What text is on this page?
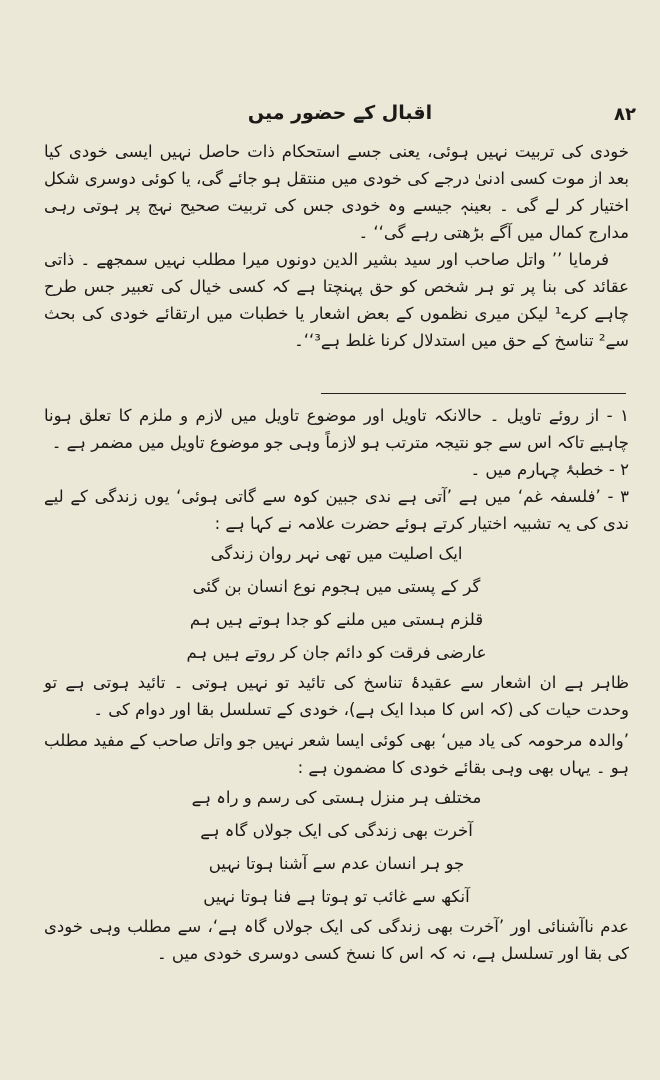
۸۲
اقبال کے حضور میں

خودی کی تربیت نہیں ہوئی، یعنی جسے استحکام ذات حاصل نہیں ایسی خودی کیا بعد از موت کسی ادنیٰ درجے کی خودی میں منتقل ہو جائے گی، یا کوئی دوسری شکل اختیار کر لے گی ۔ بعینہٖ جیسے وہ خودی جس کی تربیت صحیح نہج پر ہوتی رہی مدارج کمال میں آگے بڑھتی رہے گی‘‘ ۔

فرمایا ’’ واتل صاحب اور سید بشیر الدین دونوں میرا مطلب نہیں سمجھے ۔ ذاتی عقائد کی بنا پر تو ہر شخص کو حق پہنچتا ہے کہ کسی خیال کی تعبیر جس طرح چاہے کرے¹ لیکن میری نظموں کے بعض اشعار یا خطبات میں ارتقائے خودی کی بحث سے² تناسخ کے حق میں استدلال کرنا غلط ہے³‘‘۔

۱ - از روئے تاویل ۔ حالانکہ تاویل اور موضوع تاویل میں لازم و ملزم کا تعلق ہونا چاہیے تاکہ اس سے جو نتیجہ مترتب ہو لازماً وہی جو موضوع تاویل میں مضمر ہے ۔

۲ - خطبۂ چہارم میں ۔

۳ - ’فلسفہ غم‘ میں ہے ’آتی ہے ندی جبین کوہ سے گاتی ہوئی‘ یوں زندگی کے لیے ندی کی یہ تشبیہ اختیار کرتے ہوئے حضرت علامہ نے کہا ہے :

ایک اصلیت میں تھی نہر روان زندگی
گر کے پستی میں ہجوم نوع انسان بن گئی
قلزم ہستی میں ملنے کو جدا ہوتے ہیں ہم
عارضی فرقت کو دائم جان کر روتے ہیں ہم

ظاہر ہے ان اشعار سے عقیدۂ تناسخ کی تائید تو نہیں ہوتی ۔ تائید ہوتی ہے تو وحدت حیات کی (کہ اس کا مبدا ایک ہے)، خودی کے تسلسل بقا اور دوام کی ۔

’والدہ مرحومہ کی یاد میں‘ بھی کوئی ایسا شعر نہیں جو واتل صاحب کے مفید مطلب ہو ۔ یہاں بھی وہی بقائے خودی کا مضمون ہے :

مختلف ہر منزل ہستی کی رسم و راہ ہے
آخرت بھی زندگی کی ایک جولاں گاہ ہے
جو ہر انسان عدم سے آشنا ہوتا نہیں
آنکھ سے غائب تو ہوتا ہے فنا ہوتا نہیں

عدم ناآشنائی اور ’آخرت بھی زندگی کی ایک جولاں گاہ ہے‘، سے مطلب وہی خودی کی بقا اور تسلسل ہے، نہ کہ اس کا نسخ کسی دوسری خودی میں ۔
